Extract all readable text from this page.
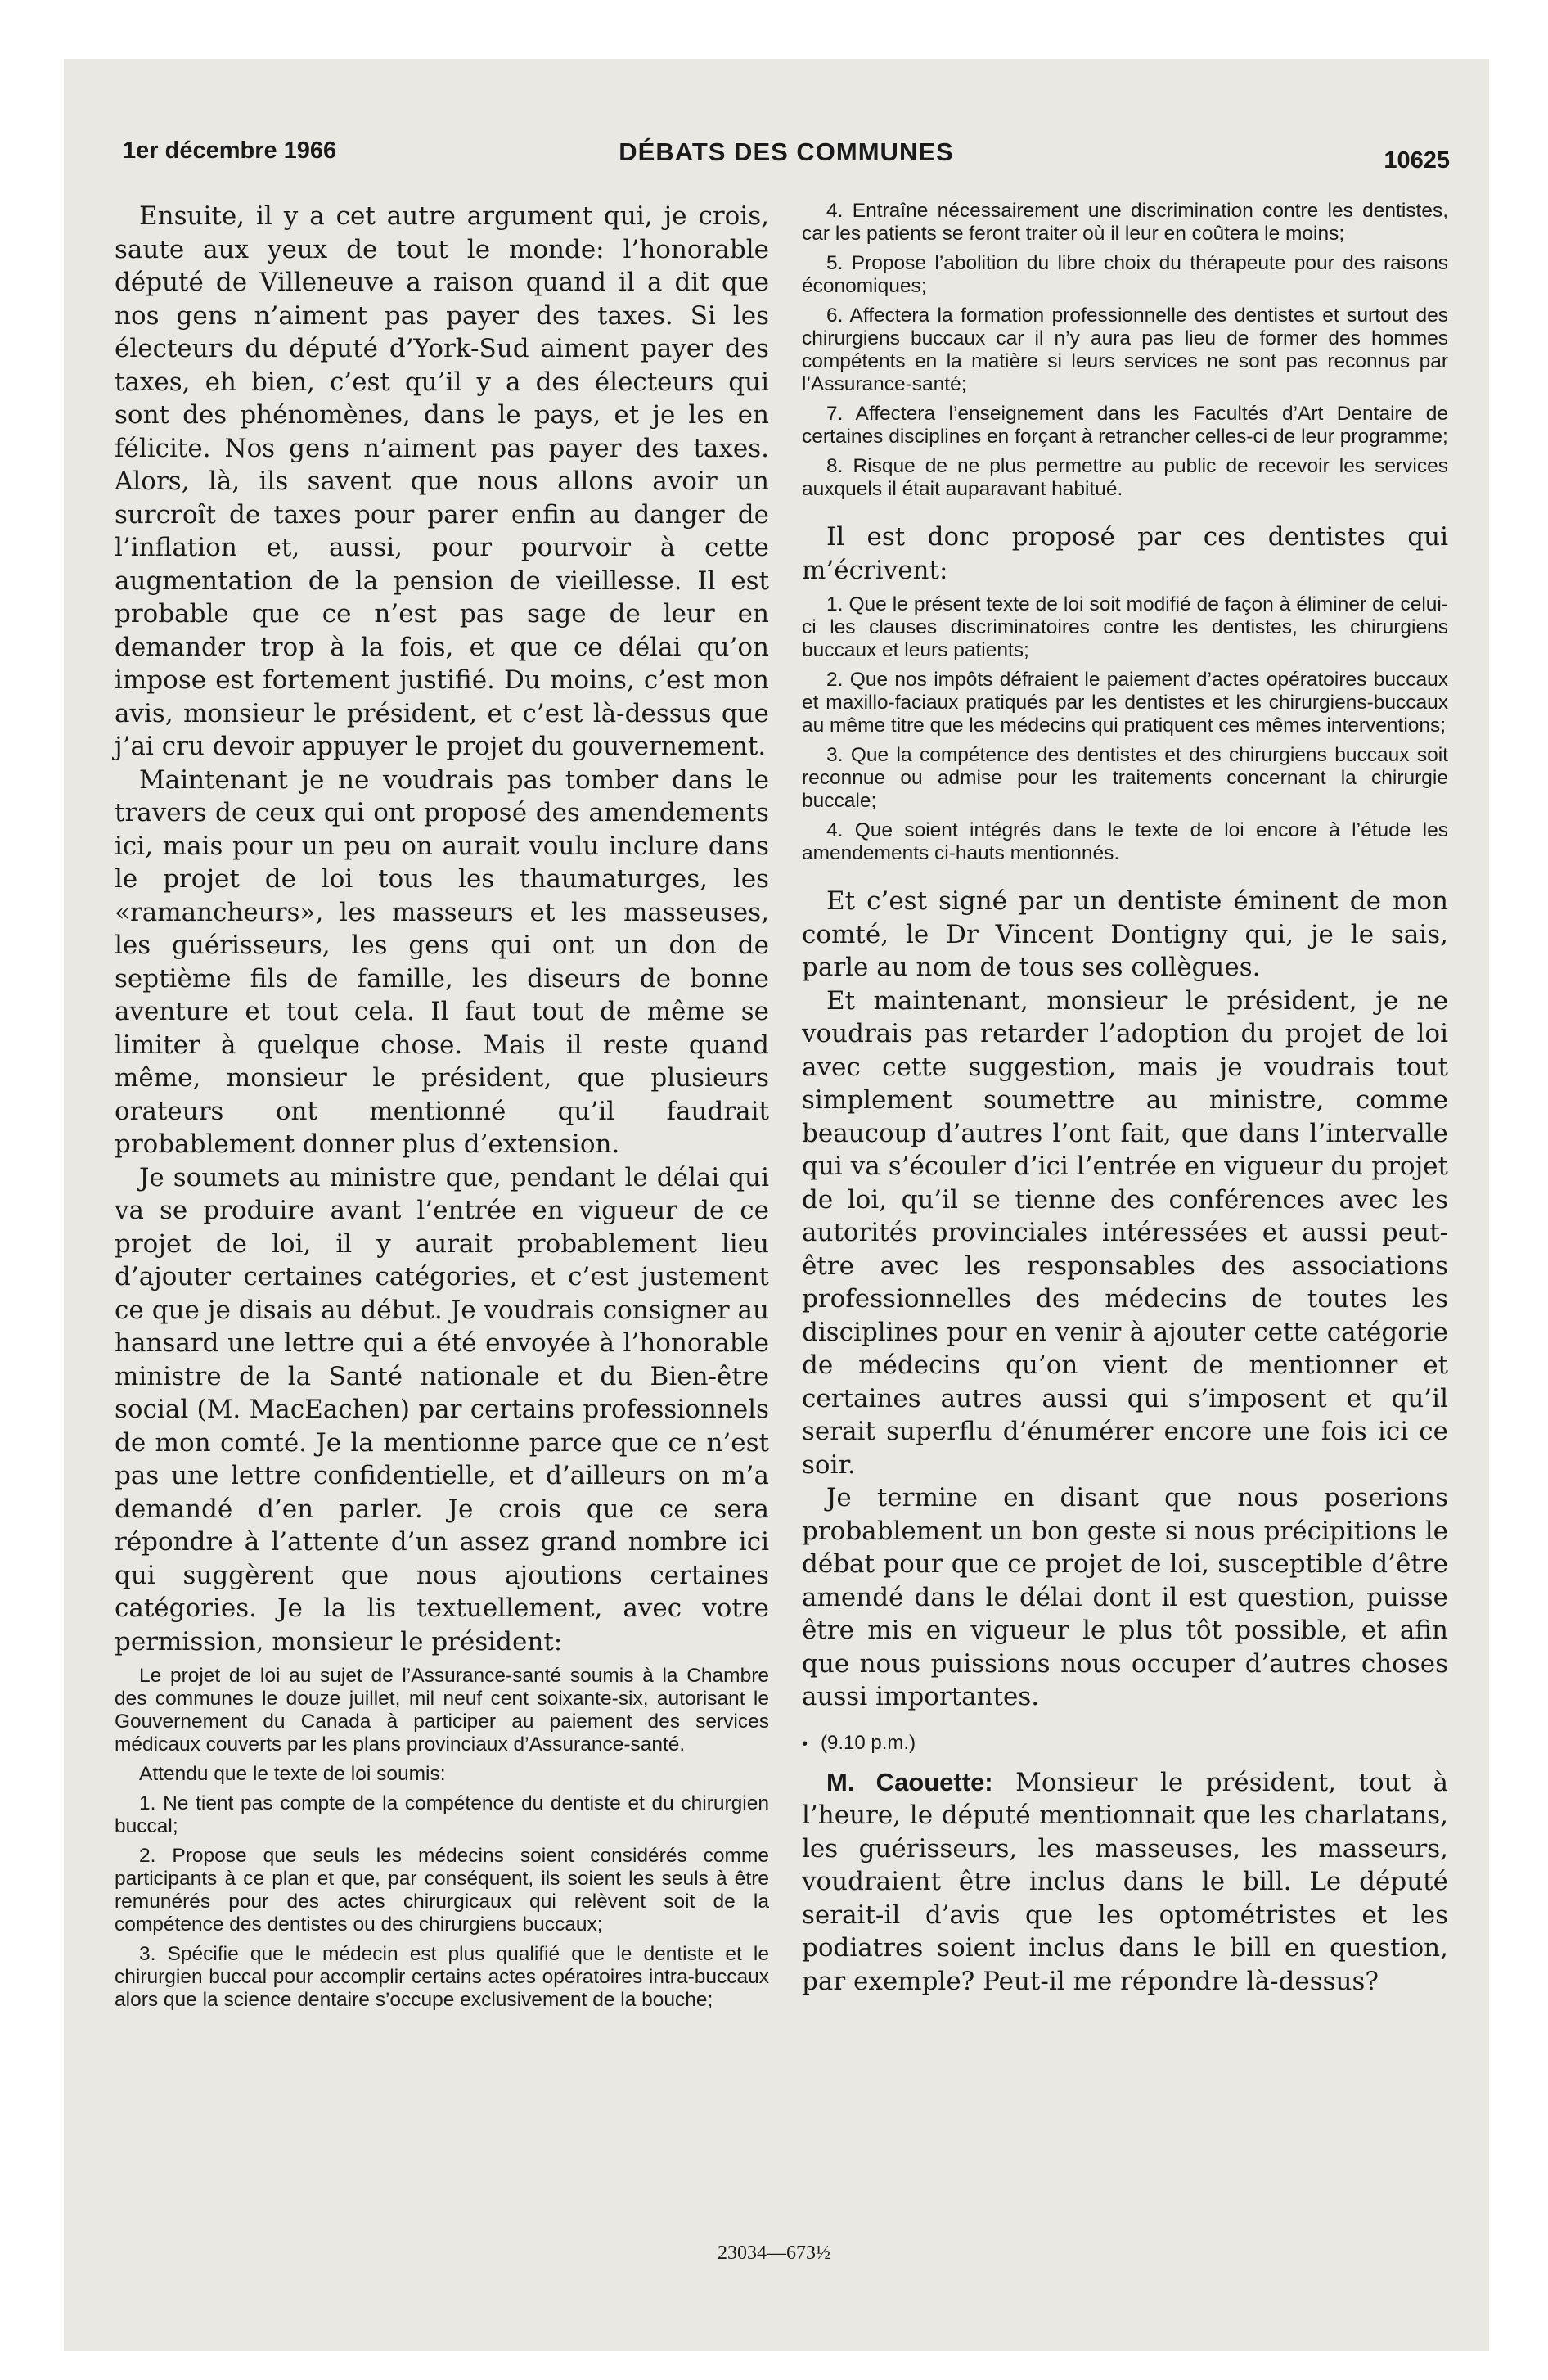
1er décembre 1966	DÉBATS DES COMMUNES	10625

Ensuite, il y a cet autre argument qui, je crois, saute aux yeux de tout le monde: l’honorable député de Villeneuve a raison quand il a dit que nos gens n’aiment pas payer des taxes. Si les électeurs du député d’York-Sud aiment payer des taxes, eh bien, c’est qu’il y a des électeurs qui sont des phénomènes, dans le pays, et je les en félicite. Nos gens n’aiment pas payer des taxes. Alors, là, ils savent que nous allons avoir un surcroît de taxes pour parer enfin au danger de l’inflation et, aussi, pour pourvoir à cette augmentation de la pension de vieillesse. Il est probable que ce n’est pas sage de leur en demander trop à la fois, et que ce délai qu’on impose est fortement justifié. Du moins, c’est mon avis, monsieur le président, et c’est là-dessus que j’ai cru devoir appuyer le projet du gouvernement.

Maintenant je ne voudrais pas tomber dans le travers de ceux qui ont proposé des amendements ici, mais pour un peu on aurait voulu inclure dans le projet de loi tous les thaumaturges, les «ramancheurs», les masseurs et les masseuses, les guérisseurs, les gens qui ont un don de septième fils de famille, les diseurs de bonne aventure et tout cela. Il faut tout de même se limiter à quelque chose. Mais il reste quand même, monsieur le président, que plusieurs orateurs ont mentionné qu’il faudrait probablement donner plus d’extension.

Je soumets au ministre que, pendant le délai qui va se produire avant l’entrée en vigueur de ce projet de loi, il y aurait probablement lieu d’ajouter certaines catégories, et c’est justement ce que je disais au début. Je voudrais consigner au hansard une lettre qui a été envoyée à l’honorable ministre de la Santé nationale et du Bien-être social (M. MacEachen) par certains professionnels de mon comté. Je la mentionne parce que ce n’est pas une lettre confidentielle, et d’ailleurs on m’a demandé d’en parler. Je crois que ce sera répondre à l’attente d’un assez grand nombre ici qui suggèrent que nous ajoutions certaines catégories. Je la lis textuellement, avec votre permission, monsieur le président:

Le projet de loi au sujet de l’Assurance-santé soumis à la Chambre des communes le douze juillet, mil neuf cent soixante-six, autorisant le Gouvernement du Canada à participer au paiement des services médicaux couverts par les plans provinciaux d’Assurance-santé.

Attendu que le texte de loi soumis:

1. Ne tient pas compte de la compétence du dentiste et du chirurgien buccal;

2. Propose que seuls les médecins soient considérés comme participants à ce plan et que, par conséquent, ils soient les seuls à être remunérés pour des actes chirurgicaux qui relèvent soit de la compétence des dentistes ou des chirurgiens buccaux;

3. Spécifie que le médecin est plus qualifié que le dentiste et le chirurgien buccal pour accomplir certains actes opératoires intra-buccaux alors que la science dentaire s’occupe exclusivement de la bouche;

4. Entraîne nécessairement une discrimination contre les dentistes, car les patients se feront traiter où il leur en coûtera le moins;

5. Propose l’abolition du libre choix du thérapeute pour des raisons économiques;

6. Affectera la formation professionnelle des dentistes et surtout des chirurgiens buccaux car il n’y aura pas lieu de former des hommes compétents en la matière si leurs services ne sont pas reconnus par l’Assurance-santé;

7. Affectera l’enseignement dans les Facultés d’Art Dentaire de certaines disciplines en forçant à retrancher celles-ci de leur programme;

8. Risque de ne plus permettre au public de recevoir les services auxquels il était auparavant habitué.

Il est donc proposé par ces dentistes qui m’écrivent:

1. Que le présent texte de loi soit modifié de façon à éliminer de celui-ci les clauses discriminatoires contre les dentistes, les chirurgiens buccaux et leurs patients;

2. Que nos impôts défraient le paiement d’actes opératoires buccaux et maxillo-faciaux pratiqués par les dentistes et les chirurgiens-buccaux au même titre que les médecins qui pratiquent ces mêmes interventions;

3. Que la compétence des dentistes et des chirurgiens buccaux soit reconnue ou admise pour les traitements concernant la chirurgie buccale;

4. Que soient intégrés dans le texte de loi encore à l’étude les amendements ci-hauts mentionnés.

Et c’est signé par un dentiste éminent de mon comté, le Dr Vincent Dontigny qui, je le sais, parle au nom de tous ses collègues.

Et maintenant, monsieur le président, je ne voudrais pas retarder l’adoption du projet de loi avec cette suggestion, mais je voudrais tout simplement soumettre au ministre, comme beaucoup d’autres l’ont fait, que dans l’intervalle qui va s’écouler d’ici l’entrée en vigueur du projet de loi, qu’il se tienne des conférences avec les autorités provinciales intéressées et aussi peut-être avec les responsables des associations professionnelles des médecins de toutes les disciplines pour en venir à ajouter cette catégorie de médecins qu’on vient de mentionner et certaines autres aussi qui s’imposent et qu’il serait superflu d’énumérer encore une fois ici ce soir.

Je termine en disant que nous poserions probablement un bon geste si nous précipitions le débat pour que ce projet de loi, susceptible d’être amendé dans le délai dont il est question, puisse être mis en vigueur le plus tôt possible, et afin que nous puissions nous occuper d’autres choses aussi importantes.

• (9.10 p.m.)

M. Caouette: Monsieur le président, tout à l’heure, le député mentionnait que les charlatans, les guérisseurs, les masseuses, les masseurs, voudraient être inclus dans le bill. Le député serait-il d’avis que les optométristes et les podiatres soient inclus dans le bill en question, par exemple? Peut-il me répondre là-dessus?

23034—673½
